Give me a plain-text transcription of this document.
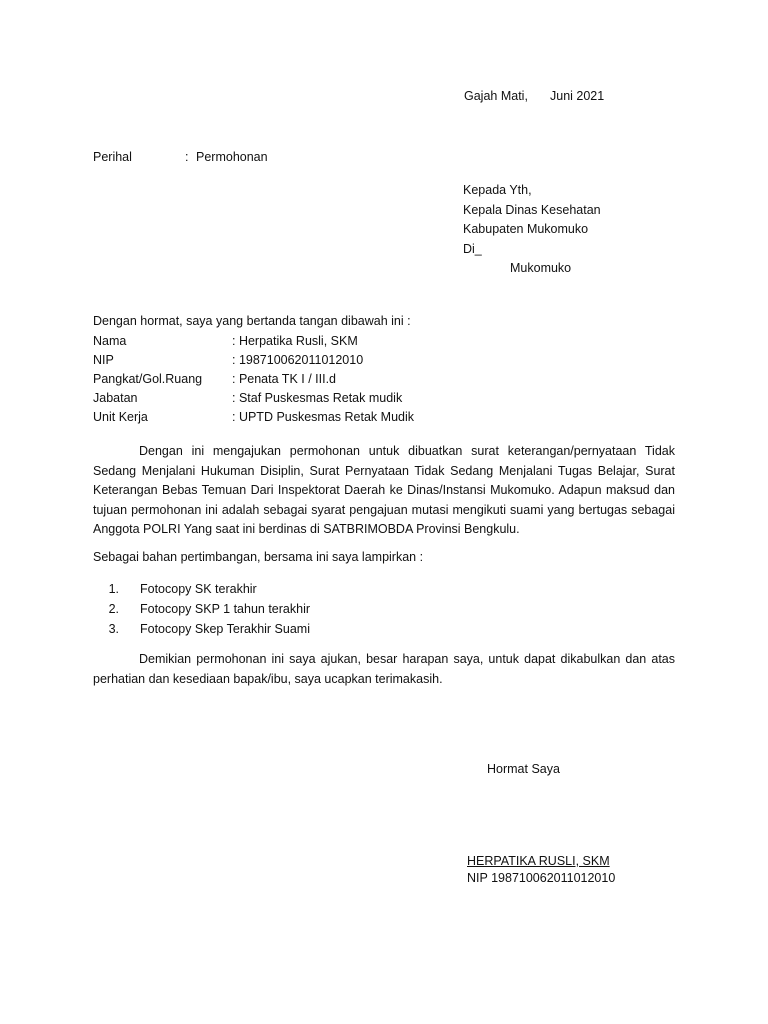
Gajah Mati, Juni 2021
Perihal	: Permohonan
Kepada Yth,
Kepala Dinas Kesehatan
Kabupaten Mukomuko
Di_
Mukomuko
Dengan hormat, saya yang bertanda tangan dibawah ini :
Nama	: Herpatika Rusli, SKM
NIP	: 198710062011012010
Pangkat/Gol.Ruang	: Penata TK I / III.d
Jabatan	: Staf Puskesmas Retak mudik
Unit Kerja	: UPTD Puskesmas Retak Mudik
Dengan ini mengajukan permohonan untuk dibuatkan surat keterangan/pernyataan Tidak Sedang Menjalani Hukuman Disiplin, Surat Pernyataan Tidak Sedang Menjalani Tugas Belajar, Surat Keterangan Bebas Temuan Dari Inspektorat Daerah ke Dinas/Instansi Mukomuko. Adapun maksud dan tujuan permohonan ini adalah sebagai syarat pengajuan mutasi mengikuti suami yang bertugas sebagai Anggota POLRI Yang saat ini berdinas di SATBRIMOBDA Provinsi Bengkulu.
Sebagai bahan pertimbangan, bersama ini saya lampirkan :
1.	Fotocopy SK terakhir
2.	Fotocopy SKP 1 tahun terakhir
3.	Fotocopy Skep Terakhir Suami
Demikian permohonan ini saya ajukan, besar harapan saya, untuk dapat dikabulkan dan atas perhatian dan kesediaan bapak/ibu, saya ucapkan terimakasih.
Hormat Saya
HERPATIKA RUSLI, SKM
NIP 198710062011012010
